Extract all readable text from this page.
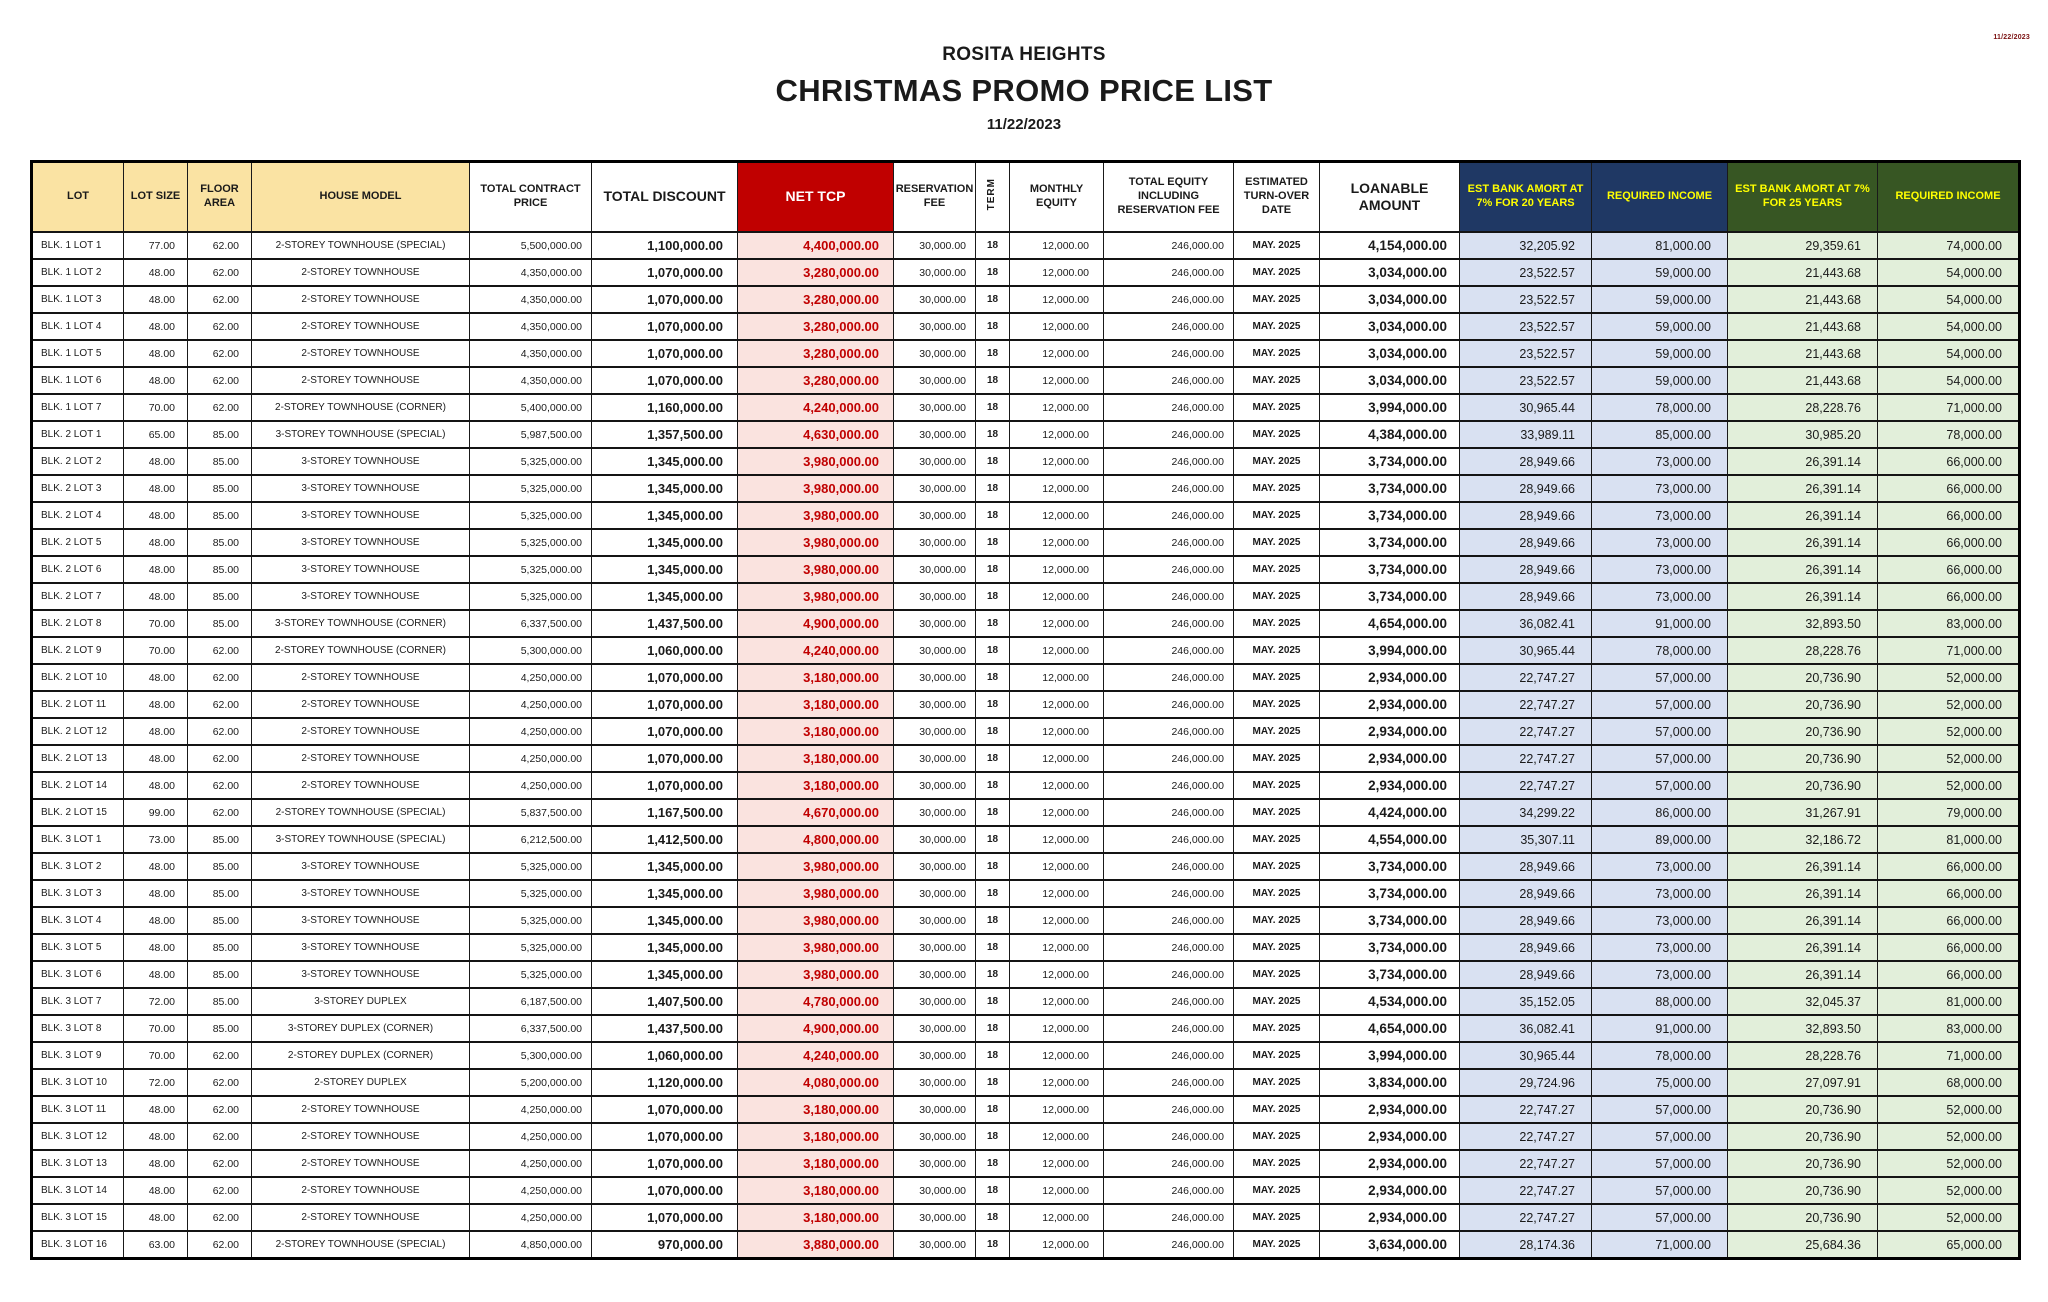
11/22/2023
ROSITA HEIGHTS
CHRISTMAS PROMO PRICE LIST
11/22/2023
LOT	LOT SIZE	FLOOR AREA	HOUSE MODEL	TOTAL CONTRACT PRICE	TOTAL DISCOUNT	NET TCP	RESERVATION FEE	TERM	MONTHLY EQUITY	TOTAL EQUITY INCLUDING RESERVATION FEE	ESTIMATED TURN-OVER DATE	LOANABLE AMOUNT	EST BANK AMORT AT 7% FOR 20 YEARS	REQUIRED INCOME	EST BANK AMORT AT 7% FOR 25 YEARS	REQUIRED INCOME
BLK. 1 LOT 1	77.00	62.00	2-STOREY TOWNHOUSE (SPECIAL)	5,500,000.00	1,100,000.00	4,400,000.00	30,000.00	18	12,000.00	246,000.00	MAY. 2025	4,154,000.00	32,205.92	81,000.00	29,359.61	74,000.00
BLK. 1 LOT 2	48.00	62.00	2-STOREY TOWNHOUSE	4,350,000.00	1,070,000.00	3,280,000.00	30,000.00	18	12,000.00	246,000.00	MAY. 2025	3,034,000.00	23,522.57	59,000.00	21,443.68	54,000.00
BLK. 1 LOT 3	48.00	62.00	2-STOREY TOWNHOUSE	4,350,000.00	1,070,000.00	3,280,000.00	30,000.00	18	12,000.00	246,000.00	MAY. 2025	3,034,000.00	23,522.57	59,000.00	21,443.68	54,000.00
BLK. 1 LOT 4	48.00	62.00	2-STOREY TOWNHOUSE	4,350,000.00	1,070,000.00	3,280,000.00	30,000.00	18	12,000.00	246,000.00	MAY. 2025	3,034,000.00	23,522.57	59,000.00	21,443.68	54,000.00
BLK. 1 LOT 5	48.00	62.00	2-STOREY TOWNHOUSE	4,350,000.00	1,070,000.00	3,280,000.00	30,000.00	18	12,000.00	246,000.00	MAY. 2025	3,034,000.00	23,522.57	59,000.00	21,443.68	54,000.00
BLK. 1 LOT 6	48.00	62.00	2-STOREY TOWNHOUSE	4,350,000.00	1,070,000.00	3,280,000.00	30,000.00	18	12,000.00	246,000.00	MAY. 2025	3,034,000.00	23,522.57	59,000.00	21,443.68	54,000.00
BLK. 1 LOT 7	70.00	62.00	2-STOREY TOWNHOUSE (CORNER)	5,400,000.00	1,160,000.00	4,240,000.00	30,000.00	18	12,000.00	246,000.00	MAY. 2025	3,994,000.00	30,965.44	78,000.00	28,228.76	71,000.00
BLK. 2 LOT 1	65.00	85.00	3-STOREY TOWNHOUSE (SPECIAL)	5,987,500.00	1,357,500.00	4,630,000.00	30,000.00	18	12,000.00	246,000.00	MAY. 2025	4,384,000.00	33,989.11	85,000.00	30,985.20	78,000.00
BLK. 2 LOT 2	48.00	85.00	3-STOREY TOWNHOUSE	5,325,000.00	1,345,000.00	3,980,000.00	30,000.00	18	12,000.00	246,000.00	MAY. 2025	3,734,000.00	28,949.66	73,000.00	26,391.14	66,000.00
BLK. 2 LOT 3	48.00	85.00	3-STOREY TOWNHOUSE	5,325,000.00	1,345,000.00	3,980,000.00	30,000.00	18	12,000.00	246,000.00	MAY. 2025	3,734,000.00	28,949.66	73,000.00	26,391.14	66,000.00
BLK. 2 LOT 4	48.00	85.00	3-STOREY TOWNHOUSE	5,325,000.00	1,345,000.00	3,980,000.00	30,000.00	18	12,000.00	246,000.00	MAY. 2025	3,734,000.00	28,949.66	73,000.00	26,391.14	66,000.00
BLK. 2 LOT 5	48.00	85.00	3-STOREY TOWNHOUSE	5,325,000.00	1,345,000.00	3,980,000.00	30,000.00	18	12,000.00	246,000.00	MAY. 2025	3,734,000.00	28,949.66	73,000.00	26,391.14	66,000.00
BLK. 2 LOT 6	48.00	85.00	3-STOREY TOWNHOUSE	5,325,000.00	1,345,000.00	3,980,000.00	30,000.00	18	12,000.00	246,000.00	MAY. 2025	3,734,000.00	28,949.66	73,000.00	26,391.14	66,000.00
BLK. 2 LOT 7	48.00	85.00	3-STOREY TOWNHOUSE	5,325,000.00	1,345,000.00	3,980,000.00	30,000.00	18	12,000.00	246,000.00	MAY. 2025	3,734,000.00	28,949.66	73,000.00	26,391.14	66,000.00
BLK. 2 LOT 8	70.00	85.00	3-STOREY TOWNHOUSE (CORNER)	6,337,500.00	1,437,500.00	4,900,000.00	30,000.00	18	12,000.00	246,000.00	MAY. 2025	4,654,000.00	36,082.41	91,000.00	32,893.50	83,000.00
BLK. 2 LOT 9	70.00	62.00	2-STOREY TOWNHOUSE (CORNER)	5,300,000.00	1,060,000.00	4,240,000.00	30,000.00	18	12,000.00	246,000.00	MAY. 2025	3,994,000.00	30,965.44	78,000.00	28,228.76	71,000.00
BLK. 2 LOT 10	48.00	62.00	2-STOREY TOWNHOUSE	4,250,000.00	1,070,000.00	3,180,000.00	30,000.00	18	12,000.00	246,000.00	MAY. 2025	2,934,000.00	22,747.27	57,000.00	20,736.90	52,000.00
BLK. 2 LOT 11	48.00	62.00	2-STOREY TOWNHOUSE	4,250,000.00	1,070,000.00	3,180,000.00	30,000.00	18	12,000.00	246,000.00	MAY. 2025	2,934,000.00	22,747.27	57,000.00	20,736.90	52,000.00
BLK. 2 LOT 12	48.00	62.00	2-STOREY TOWNHOUSE	4,250,000.00	1,070,000.00	3,180,000.00	30,000.00	18	12,000.00	246,000.00	MAY. 2025	2,934,000.00	22,747.27	57,000.00	20,736.90	52,000.00
BLK. 2 LOT 13	48.00	62.00	2-STOREY TOWNHOUSE	4,250,000.00	1,070,000.00	3,180,000.00	30,000.00	18	12,000.00	246,000.00	MAY. 2025	2,934,000.00	22,747.27	57,000.00	20,736.90	52,000.00
BLK. 2 LOT 14	48.00	62.00	2-STOREY TOWNHOUSE	4,250,000.00	1,070,000.00	3,180,000.00	30,000.00	18	12,000.00	246,000.00	MAY. 2025	2,934,000.00	22,747.27	57,000.00	20,736.90	52,000.00
BLK. 2 LOT 15	99.00	62.00	2-STOREY TOWNHOUSE (SPECIAL)	5,837,500.00	1,167,500.00	4,670,000.00	30,000.00	18	12,000.00	246,000.00	MAY. 2025	4,424,000.00	34,299.22	86,000.00	31,267.91	79,000.00
BLK. 3 LOT 1	73.00	85.00	3-STOREY TOWNHOUSE (SPECIAL)	6,212,500.00	1,412,500.00	4,800,000.00	30,000.00	18	12,000.00	246,000.00	MAY. 2025	4,554,000.00	35,307.11	89,000.00	32,186.72	81,000.00
BLK. 3 LOT 2	48.00	85.00	3-STOREY TOWNHOUSE	5,325,000.00	1,345,000.00	3,980,000.00	30,000.00	18	12,000.00	246,000.00	MAY. 2025	3,734,000.00	28,949.66	73,000.00	26,391.14	66,000.00
BLK. 3 LOT 3	48.00	85.00	3-STOREY TOWNHOUSE	5,325,000.00	1,345,000.00	3,980,000.00	30,000.00	18	12,000.00	246,000.00	MAY. 2025	3,734,000.00	28,949.66	73,000.00	26,391.14	66,000.00
BLK. 3 LOT 4	48.00	85.00	3-STOREY TOWNHOUSE	5,325,000.00	1,345,000.00	3,980,000.00	30,000.00	18	12,000.00	246,000.00	MAY. 2025	3,734,000.00	28,949.66	73,000.00	26,391.14	66,000.00
BLK. 3 LOT 5	48.00	85.00	3-STOREY TOWNHOUSE	5,325,000.00	1,345,000.00	3,980,000.00	30,000.00	18	12,000.00	246,000.00	MAY. 2025	3,734,000.00	28,949.66	73,000.00	26,391.14	66,000.00
BLK. 3 LOT 6	48.00	85.00	3-STOREY TOWNHOUSE	5,325,000.00	1,345,000.00	3,980,000.00	30,000.00	18	12,000.00	246,000.00	MAY. 2025	3,734,000.00	28,949.66	73,000.00	26,391.14	66,000.00
BLK. 3 LOT 7	72.00	85.00	3-STOREY DUPLEX	6,187,500.00	1,407,500.00	4,780,000.00	30,000.00	18	12,000.00	246,000.00	MAY. 2025	4,534,000.00	35,152.05	88,000.00	32,045.37	81,000.00
BLK. 3 LOT 8	70.00	85.00	3-STOREY DUPLEX (CORNER)	6,337,500.00	1,437,500.00	4,900,000.00	30,000.00	18	12,000.00	246,000.00	MAY. 2025	4,654,000.00	36,082.41	91,000.00	32,893.50	83,000.00
BLK. 3 LOT 9	70.00	62.00	2-STOREY DUPLEX (CORNER)	5,300,000.00	1,060,000.00	4,240,000.00	30,000.00	18	12,000.00	246,000.00	MAY. 2025	3,994,000.00	30,965.44	78,000.00	28,228.76	71,000.00
BLK. 3 LOT 10	72.00	62.00	2-STOREY DUPLEX	5,200,000.00	1,120,000.00	4,080,000.00	30,000.00	18	12,000.00	246,000.00	MAY. 2025	3,834,000.00	29,724.96	75,000.00	27,097.91	68,000.00
BLK. 3 LOT 11	48.00	62.00	2-STOREY TOWNHOUSE	4,250,000.00	1,070,000.00	3,180,000.00	30,000.00	18	12,000.00	246,000.00	MAY. 2025	2,934,000.00	22,747.27	57,000.00	20,736.90	52,000.00
BLK. 3 LOT 12	48.00	62.00	2-STOREY TOWNHOUSE	4,250,000.00	1,070,000.00	3,180,000.00	30,000.00	18	12,000.00	246,000.00	MAY. 2025	2,934,000.00	22,747.27	57,000.00	20,736.90	52,000.00
BLK. 3 LOT 13	48.00	62.00	2-STOREY TOWNHOUSE	4,250,000.00	1,070,000.00	3,180,000.00	30,000.00	18	12,000.00	246,000.00	MAY. 2025	2,934,000.00	22,747.27	57,000.00	20,736.90	52,000.00
BLK. 3 LOT 14	48.00	62.00	2-STOREY TOWNHOUSE	4,250,000.00	1,070,000.00	3,180,000.00	30,000.00	18	12,000.00	246,000.00	MAY. 2025	2,934,000.00	22,747.27	57,000.00	20,736.90	52,000.00
BLK. 3 LOT 15	48.00	62.00	2-STOREY TOWNHOUSE	4,250,000.00	1,070,000.00	3,180,000.00	30,000.00	18	12,000.00	246,000.00	MAY. 2025	2,934,000.00	22,747.27	57,000.00	20,736.90	52,000.00
BLK. 3 LOT 16	63.00	62.00	2-STOREY TOWNHOUSE (SPECIAL)	4,850,000.00	970,000.00	3,880,000.00	30,000.00	18	12,000.00	246,000.00	MAY. 2025	3,634,000.00	28,174.36	71,000.00	25,684.36	65,000.00
